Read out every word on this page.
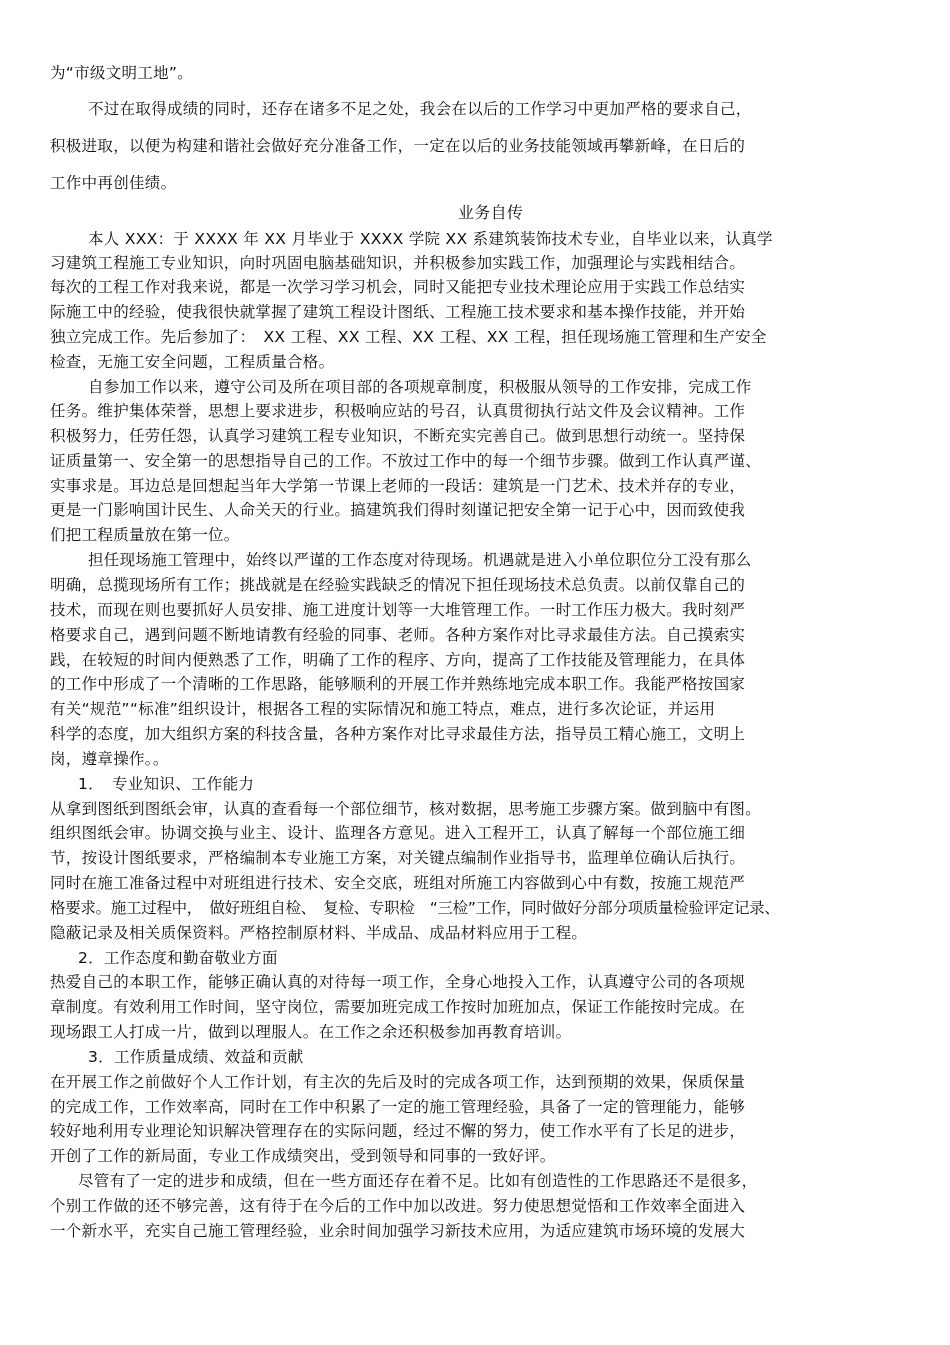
为“市级文明工地”。
不过在取得成绩的同时，还存在诸多不足之处，我会在以后的工作学习中更加严格的要求自己，
积极进取，以便为构建和谐社会做好充分准备工作，一定在以后的业务技能领域再攀新峰，在日后的
工作中再创佳绩。
业务自传
本人 XXX：于 XXXX 年 XX 月毕业于 XXXX 学院 XX 系建筑装饰技术专业，自毕业以来，认真学
习建筑工程施工专业知识，向时巩固电脑基础知识，并积极参加实践工作，加强理论与实践相结合。
每次的工程工作对我来说，都是一次学习学习机会，同时又能把专业技术理论应用于实践工作总结实
际施工中的经验，使我很快就掌握了建筑工程设计图纸、工程施工技术要求和基本操作技能，并开始
独立完成工作。先后参加了：　XX 工程、XX 工程、XX 工程、XX 工程，担任现场施工管理和生产安全
检查，无施工安全问题，工程质量合格。
自参加工作以来，遵守公司及所在项目部的各项规章制度，积极服从领导的工作安排，完成工作
任务。维护集体荣誉，思想上要求进步，积极响应站的号召，认真贯彻执行站文件及会议精神。工作
积极努力，任劳任怨，认真学习建筑工程专业知识，不断充实完善自己。做到思想行动统一。坚持保
证质量第一、安全第一的思想指导自己的工作。不放过工作中的每一个细节步骤。做到工作认真严谨、
实事求是。耳边总是回想起当年大学第一节课上老师的一段话：建筑是一门艺术、技术并存的专业，
更是一门影响国计民生、人命关天的行业。搞建筑我们得时刻谨记把安全第一记于心中，因而致使我
们把工程质量放在第一位。
担任现场施工管理中，始终以严谨的工作态度对待现场。机遇就是进入小单位职位分工没有那么
明确，总揽现场所有工作；挑战就是在经验实践缺乏的情况下担任现场技术总负责。以前仅靠自己的
技术，而现在则也要抓好人员安排、施工进度计划等一大堆管理工作。一时工作压力极大。我时刻严
格要求自己，遇到问题不断地请教有经验的同事、老师。各种方案作对比寻求最佳方法。自己摸索实
践，在较短的时间内便熟悉了工作，明确了工作的程序、方向，提高了工作技能及管理能力，在具体
的工作中形成了一个清晰的工作思路，能够顺利的开展工作并熟练地完成本职工作。我能严格按国家
有关“规范”“标准”组织设计，根据各工程的实际情况和施工特点，难点，进行多次论证，并运用
科学的态度，加大组织方案的科技含量，各种方案作对比寻求最佳方法，指导员工精心施工，文明上
岗，遵章操作。。
1．　专业知识、工作能力
从拿到图纸到图纸会审，认真的查看每一个部位细节，核对数据，思考施工步骤方案。做到脑中有图。
组织图纸会审。协调交换与业主、设计、监理各方意见。进入工程开工，认真了解每一个部位施工细
节，按设计图纸要求，严格编制本专业施工方案，对关键点编制作业指导书，监理单位确认后执行。
同时在施工准备过程中对班组进行技术、安全交底，班组对所施工内容做到心中有数，按施工规范严
格要求。施工过程中，　做好班组自检、　复检、专职检　“三检”工作，同时做好分部分项质量检验评定记录、
隐蔽记录及相关质保资料。严格控制原材料、半成品、成品材料应用于工程。
2．工作态度和勤奋敬业方面
热爱自己的本职工作，能够正确认真的对待每一项工作，全身心地投入工作，认真遵守公司的各项规
章制度。有效利用工作时间，坚守岗位，需要加班完成工作按时加班加点，保证工作能按时完成。在
现场跟工人打成一片，做到以理服人。在工作之余还积极参加再教育培训。
3．工作质量成绩、效益和贡献
在开展工作之前做好个人工作计划，有主次的先后及时的完成各项工作，达到预期的效果，保质保量
的完成工作，工作效率高，同时在工作中积累了一定的施工管理经验，具备了一定的管理能力，能够
较好地利用专业理论知识解决管理存在的实际问题，经过不懈的努力，使工作水平有了长足的进步，
开创了工作的新局面，专业工作成绩突出，受到领导和同事的一致好评。
尽管有了一定的进步和成绩，但在一些方面还存在着不足。比如有创造性的工作思路还不是很多，
个别工作做的还不够完善，这有待于在今后的工作中加以改进。努力使思想觉悟和工作效率全面进入
一个新水平，充实自己施工管理经验，业余时间加强学习新技术应用，为适应建筑市场环境的发展大
